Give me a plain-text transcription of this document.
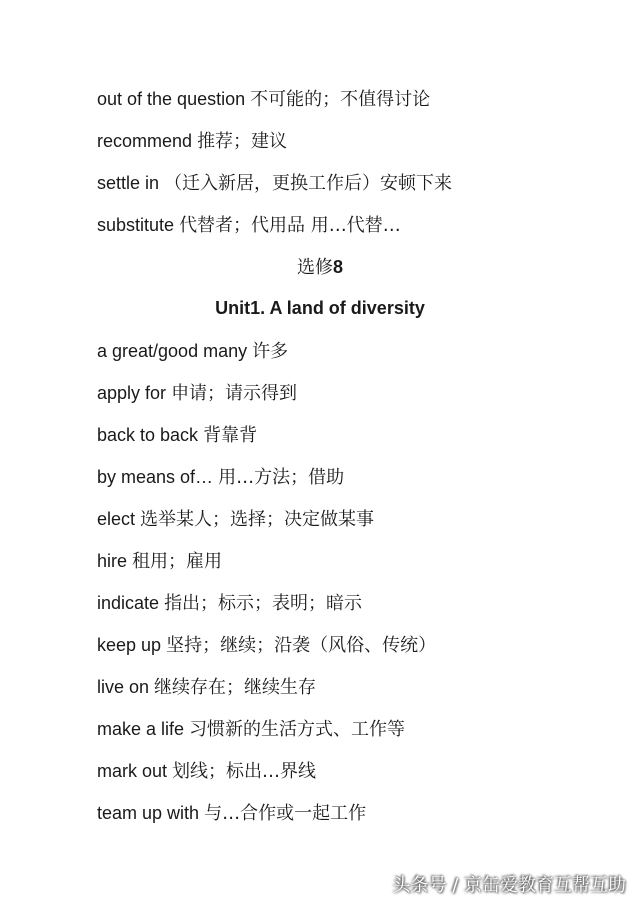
out of the question 不可能的；不值得讨论
recommend 推荐；建议
settle in （迁入新居，更换工作后）安顿下来
substitute 代替者；代用品 用…代替…
选修8
Unit1. A land of diversity
a great/good many 许多
apply for 申请；请示得到
back to back 背靠背
by means of… 用…方法；借助
elect 选举某人；选择；决定做某事
hire 租用；雇用
indicate 指出；标示；表明；暗示
keep up 坚持；继续；沿袭（风俗、传统）
live on 继续存在；继续生存
make a life 习惯新的生活方式、工作等
mark out 划线；标出…界线
team up with 与…合作或一起工作
头条号 / 京缶爱教育互帮互助
